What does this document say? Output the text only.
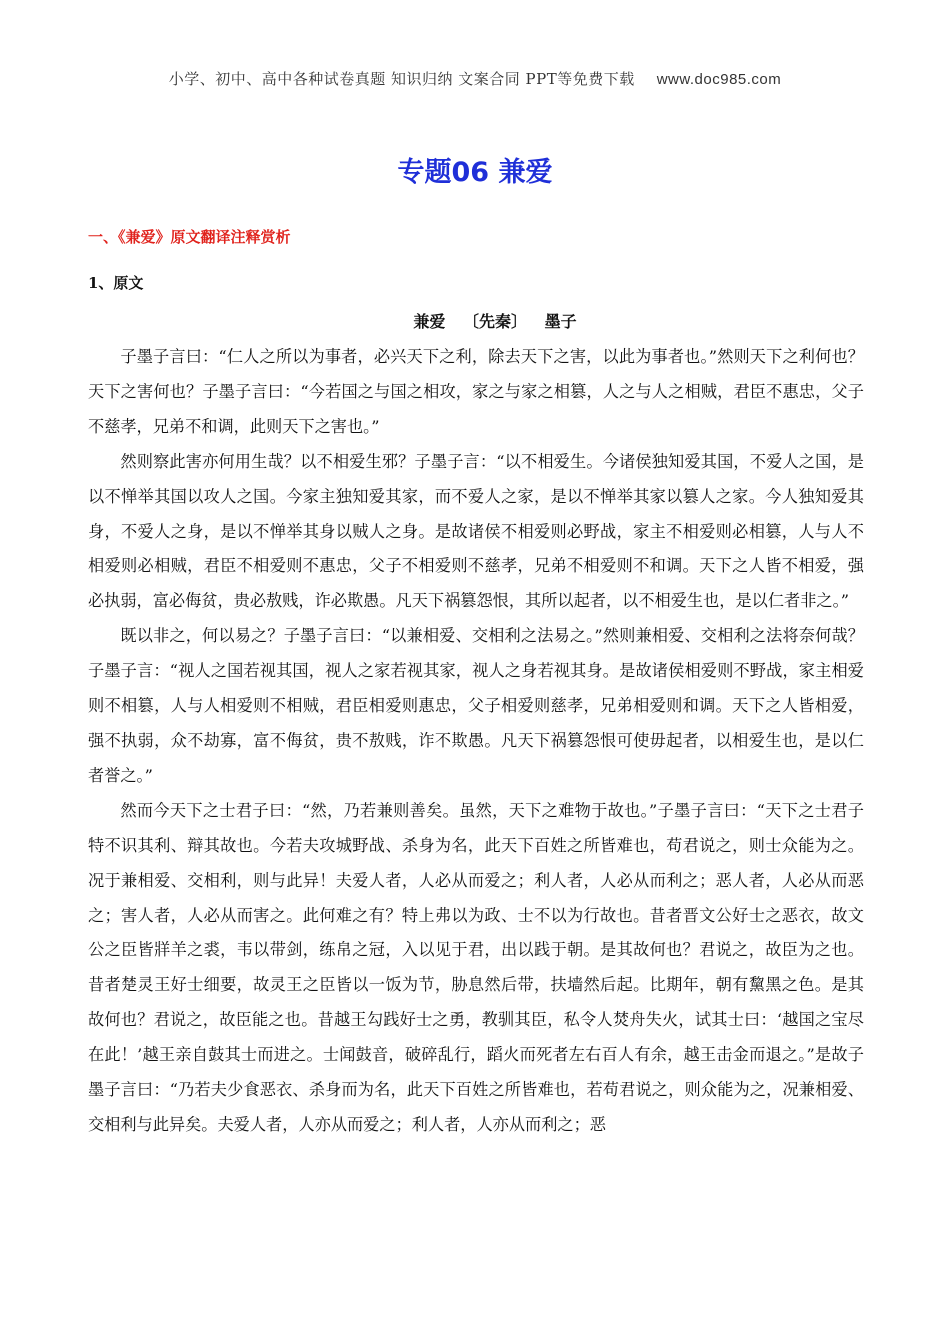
小学、初中、高中各种试卷真题 知识归纳 文案合同 PPT等免费下载 www.doc985.com
专题06 兼爱
一、《兼爱》原文翻译注释赏析
1、原文
兼爱 〔先秦〕 墨子

子墨子言曰：“仁人之所以为事者，必兴天下之利，除去天下之害，以此为事者也。”然则天下之利何也？天下之害何也？子墨子言曰：“今若国之与国之相攻，家之与家之相篡，人之与人之相贼，君臣不惠忠，父子不慈孝，兄弟不和调，此则天下之害也。”

然则察此害亦何用生哉？以不相爱生邪？子墨子言：“以不相爱生。今诸侯独知爱其国，不爱人之国，是以不惮举其国以攻人之国。今家主独知爱其家，而不爱人之家，是以不惮举其家以篡人之家。今人独知爱其身，不爱人之身，是以不惮举其身以贼人之身。是故诸侯不相爱则必野战，家主不相爱则必相篡，人与人不相爱则必相贼，君臣不相爱则不惠忠，父子不相爱则不慈孝，兄弟不相爱则不和调。天下之人皆不相爱，强必执弱，富必侮贫，贵必敖贱，诈必欺愚。凡天下祸篡怨恨，其所以起者，以不相爱生也，是以仁者非之。”

既以非之，何以易之？子墨子言曰：“以兼相爱、交相利之法易之。”然则兼相爱、交相利之法将奈何哉？子墨子言：“视人之国若视其国，视人之家若视其家，视人之身若视其身。是故诸侯相爱则不野战，家主相爱则不相篡，人与人相爱则不相贼，君臣相爱则惠忠，父子相爱则慈孝，兄弟相爱则和调。天下之人皆相爱，强不执弱，众不劫寡，富不侮贫，贵不敖贱，诈不欺愚。凡天下祸篡怨恨可使毋起者，以相爱生也，是以仁者誉之。”

然而今天下之士君子曰：“然，乃若兼则善矣。虽然，天下之难物于故也。”子墨子言曰：“天下之士君子特不识其利、辩其故也。今若夫攻城野战、杀身为名，此天下百姓之所皆难也，苟君说之，则士众能为之。况于兼相爱、交相利，则与此异！夫爱人者，人必从而爱之；利人者，人必从而利之；恶人者，人必从而恶之；害人者，人必从而害之。此何难之有？特上弗以为政、士不以为行故也。昔者晋文公好士之恶衣，故文公之臣皆牂羊之裘，韦以带剑，练帛之冠，入以见于君，出以践于朝。是其故何也？君说之，故臣为之也。昔者楚灵王好士细要，故灵王之臣皆以一饭为节，胁息然后带，扶墙然后起。比期年，朝有黧黑之色。是其故何也？君说之，故臣能之也。昔越王勾践好士之勇，教驯其臣，私令人焚舟失火，试其士曰：‘越国之宝尽在此！’越王亲自鼓其士而进之。士闻鼓音，破碎乱行，蹈火而死者左右百人有余，越王击金而退之。”是故子墨子言曰：“乃若夫少食恶衣、杀身而为名，此天下百姓之所皆难也，若苟君说之，则众能为之，况兼相爱、交相利与此异矣。夫爱人者，人亦从而爱之；利人者，人亦从而利之；恶
